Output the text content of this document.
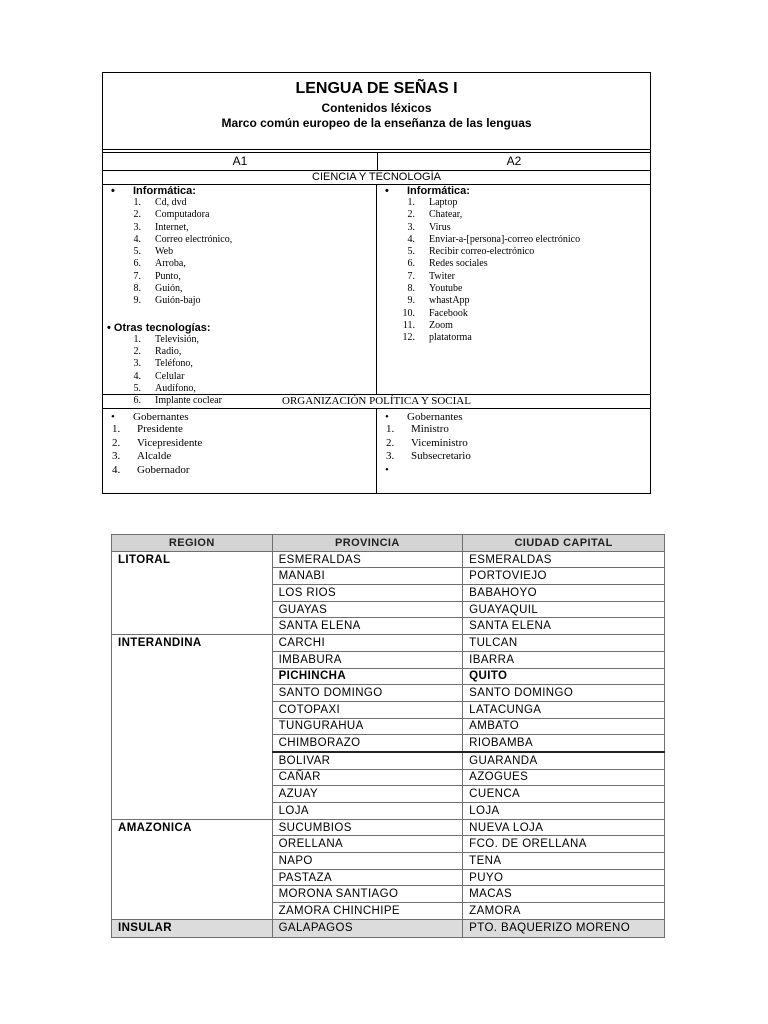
LENGUA DE SEÑAS I
Contenidos léxicos
Marco común europeo de la enseñanza de las lenguas
A1	A2
CIENCIA Y TECNOLOGÍA
• Informática:
1. Cd, dvd
2. Computadora
3. Internet,
4. Correo electrónico,
5. Web
6. Arroba,
7. Punto,
8. Guión,
9. Guión-bajo
• Otras tecnologías:
1. Televisión,
2. Radio,
3. Teléfono,
4. Celular
5. Audífono,
6. Implante coclear
• Informática:
1. Laptop
2. Chatear,
3. Virus
4. Enviar-a-[persona]-correo electrónico
5. Recibir correo-electrónico
6. Redes sociales
7. Twiter
8. Youtube
9. whastApp
10. Facebook
11. Zoom
12. platatorma
ORGANIZACIÓN POLÍTICA Y SOCIAL
• Gobernantes
1. Presidente
2. Vicepresidente
3. Alcalde
4. Gobernador
• Gobernantes
1. Ministro
2. Viceministro
3. Subsecretario
•
REGION	PROVINCIA	CIUDAD CAPITAL
LITORAL	ESMERALDAS	ESMERALDAS
	MANABI	PORTOVIEJO
	LOS RIOS	BABAHOYO
	GUAYAS	GUAYAQUIL
	SANTA ELENA	SANTA ELENA
INTERANDINA	CARCHI	TULCAN
	IMBABURA	IBARRA
	PICHINCHA	QUITO
	SANTO DOMINGO	SANTO DOMINGO
	COTOPAXI	LATACUNGA
	TUNGURAHUA	AMBATO
	CHIMBORAZO	RIOBAMBA
	BOLIVAR	GUARANDA
	CAÑAR	AZOGUES
	AZUAY	CUENCA
	LOJA	LOJA
AMAZONICA	SUCUMBIOS	NUEVA LOJA
	ORELLANA	FCO. DE ORELLANA
	NAPO	TENA
	PASTAZA	PUYO
	MORONA SANTIAGO	MACAS
	ZAMORA CHINCHIPE	ZAMORA
INSULAR	GALAPAGOS	PTO. BAQUERIZO MORENO
